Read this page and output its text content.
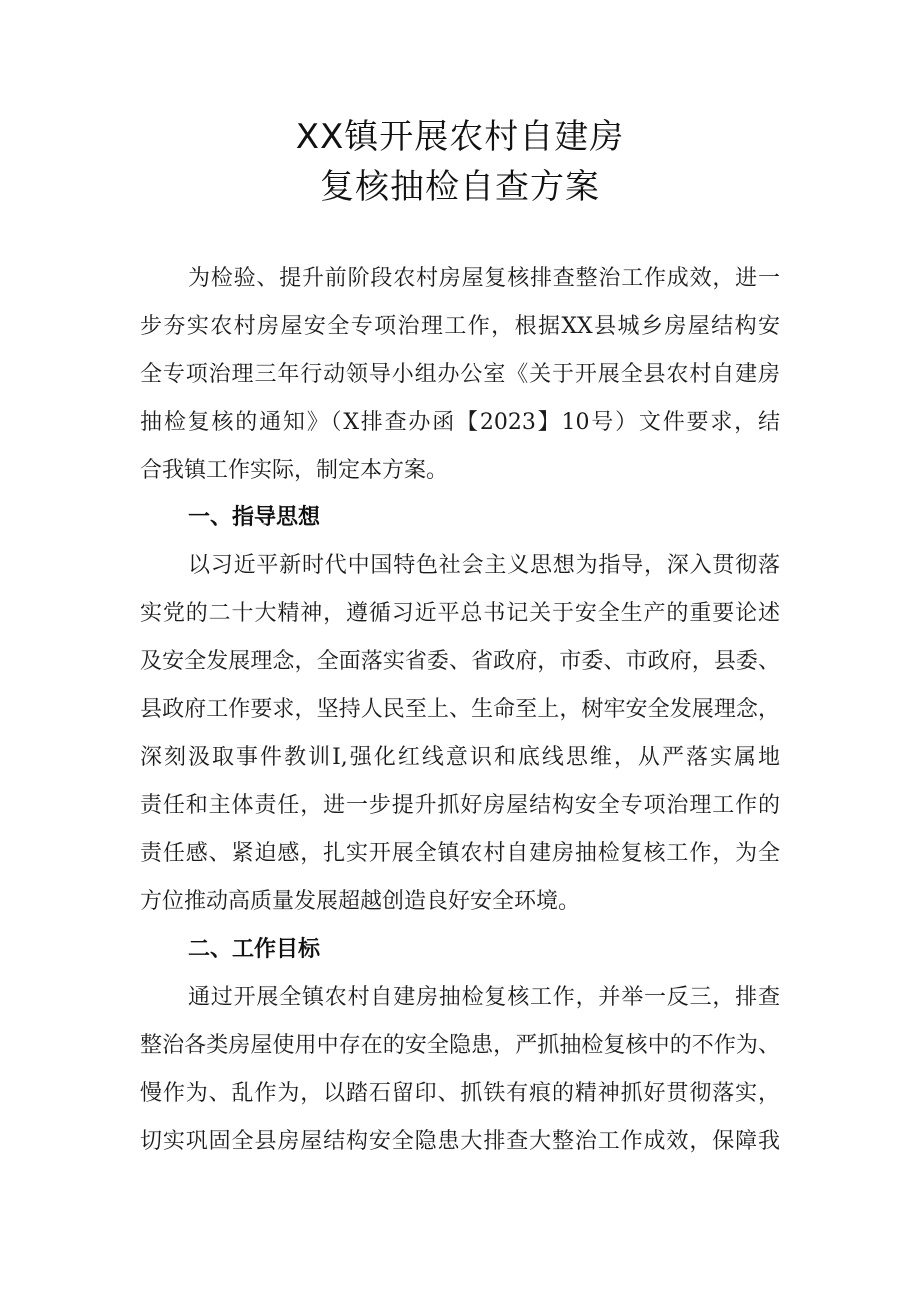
XX镇开展农村自建房
复核抽检自查方案
为检验、提升前阶段农村房屋复核排查整治工作成效，进一
步夯实农村房屋安全专项治理工作，根据XX县城乡房屋结构安
全专项治理三年行动领导小组办公室《关于开展全县农村自建房
抽检复核的通知》（X排查办函【2023】10号）文件要求，结
合我镇工作实际，制定本方案。
一、指导思想
以习近平新时代中国特色社会主义思想为指导，深入贯彻落
实党的二十大精神，遵循习近平总书记关于安全生产的重要论述
及安全发展理念，全面落实省委、省政府，市委、市政府，县委、
县政府工作要求，坚持人民至上、生命至上，树牢安全发展理念，
深刻汲取事件教训I,强化红线意识和底线思维，从严落实属地
责任和主体责任，进一步提升抓好房屋结构安全专项治理工作的
责任感、紧迫感，扎实开展全镇农村自建房抽检复核工作，为全
方位推动高质量发展超越创造良好安全环境。
二、工作目标
通过开展全镇农村自建房抽检复核工作，并举一反三，排查
整治各类房屋使用中存在的安全隐患，严抓抽检复核中的不作为、
慢作为、乱作为，以踏石留印、抓铁有痕的精神抓好贯彻落实，
切实巩固全县房屋结构安全隐患大排查大整治工作成效，保障我
